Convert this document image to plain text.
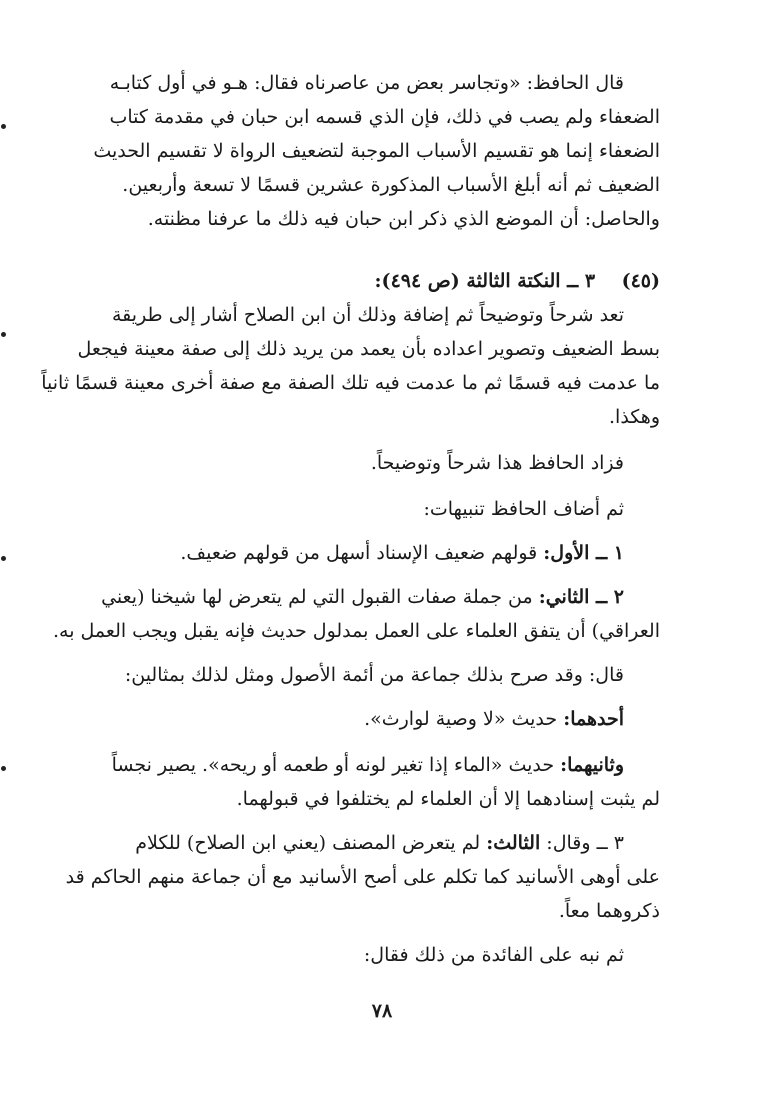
قال الحافظ: «وتجاسر بعض من عاصرناه فقال: هـو في أول كتابـه
الضعفاء ولم يصب في ذلك، فإن الذي قسمه ابن حبان في مقدمة كتاب
الضعفاء إنما هو تقسيم الأسباب الموجبة لتضعيف الرواة لا تقسيم الحديث
الضعيف ثم أنه أبلغ الأسباب المذكورة عشرين قسمًا لا تسعة وأربعين.
والحاصل: أن الموضع الذي ذكر ابن حبان فيه ذلك ما عرفنا مظنته.
(٤٥)    ٣ ــ النكتة الثالثة (ص ٤٩٤):
تعد شرحاً وتوضيحاً ثم إضافة وذلك أن ابن الصلاح أشار إلى طريقة
بسط الضعيف وتصوير اعداده بأن يعمد من يريد ذلك إلى صفة معينة فيجعل
ما عدمت فيه قسمًا ثم ما عدمت فيه تلك الصفة مع صفة أخرى معينة قسمًا ثانياً
وهكذا.
فزاد الحافظ هذا شرحاً وتوضيحاً.
ثم أضاف الحافظ تنبيهات:
١ ــ الأول: قولهم ضعيف الإسناد أسهل من قولهم ضعيف.
٢ ــ الثاني: من جملة صفات القبول التي لم يتعرض لها شيخنا (يعني
العراقي) أن يتفق العلماء على العمل بمدلول حديث فإنه يقبل ويجب العمل به.
قال: وقد صرح بذلك جماعة من أئمة الأصول ومثل لذلك بمثالين:
أحدهما: حديث «لا وصية لوارث».
وثانيهما: حديث «الماء إذا تغير لونه أو طعمه أو ريحه». يصير نجساً
لم يثبت إسنادهما إلا أن العلماء لم يختلفوا في قبولهما.
٣ ــ وقال: الثالث: لم يتعرض المصنف (يعني ابن الصلاح) للكلام
على أوهى الأسانيد كما تكلم على أصح الأسانيد مع أن جماعة منهم الحاكم قد
ذكروهما معاً.
ثم نبه على الفائدة من ذلك فقال:
٧٨
